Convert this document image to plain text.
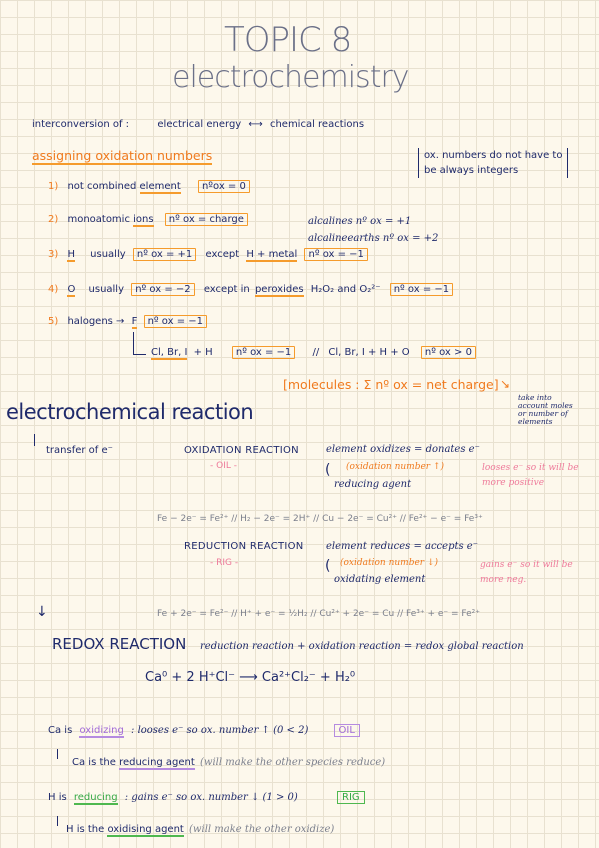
TOPIC 8
electrochemistry
interconversion of :	electrical energy ⟷ chemical reactions
assigning oxidation numbers	ox. numbers do not have to
be always integers
1) not combined element nºox = 0
2) monoatomic ions nº ox = charge	alcalines nº ox = +1
alcalineearths nº ox = +2
3) H usually nº ox = +1 except H + metal nº ox = −1
4) O usually nº ox = −2 except in peroxides H₂O₂ and O₂²⁻ nº ox = −1
5) halogens → F nº ox = −1
Cl, Br, I + H nº ox = −1 // Cl, Br, I + H + O nº ox > 0
[molecules : Σ nº ox = net charge] ↘
take into account moles or number of elements
electrochemical reaction
transfer of e⁻	OXIDATION REACTION
- OIL -
element oxidizes = donates e⁻
( (oxidation number ↑)
reducing agent
looses e⁻ so it will be more positive
Fe − 2e⁻ = Fe²⁺ // H₂ − 2e⁻ = 2H⁺ // Cu − 2e⁻ = Cu²⁺ // Fe²⁺ − e⁻ = Fe³⁺
REDUCTION REACTION
- RIG -
element reduces = accepts e⁻
( (oxidation number ↓)
oxidating element
gains e⁻ so it will be more neg.
Fe + 2e⁻ = Fe²⁻ // H⁺ + e⁻ = ½H₂ // Cu²⁺ + 2e⁻ = Cu // Fe³⁺ + e⁻ = Fe²⁺
↓
REDOX REACTION reduction reaction + oxidation reaction = redox global reaction
Ca⁰ + 2 H⁺Cl⁻ ⟶ Ca²⁺Cl₂⁻ + H₂⁰
Ca is oxidizing : looses e⁻ so ox. number ↑ (0 < 2)	OIL
Ca is the reducing agent (will make the other species reduce)
H is reducing : gains e⁻ so ox. number ↓ (1 > 0)	RIG
H is the oxidising agent (will make the other oxidize)
